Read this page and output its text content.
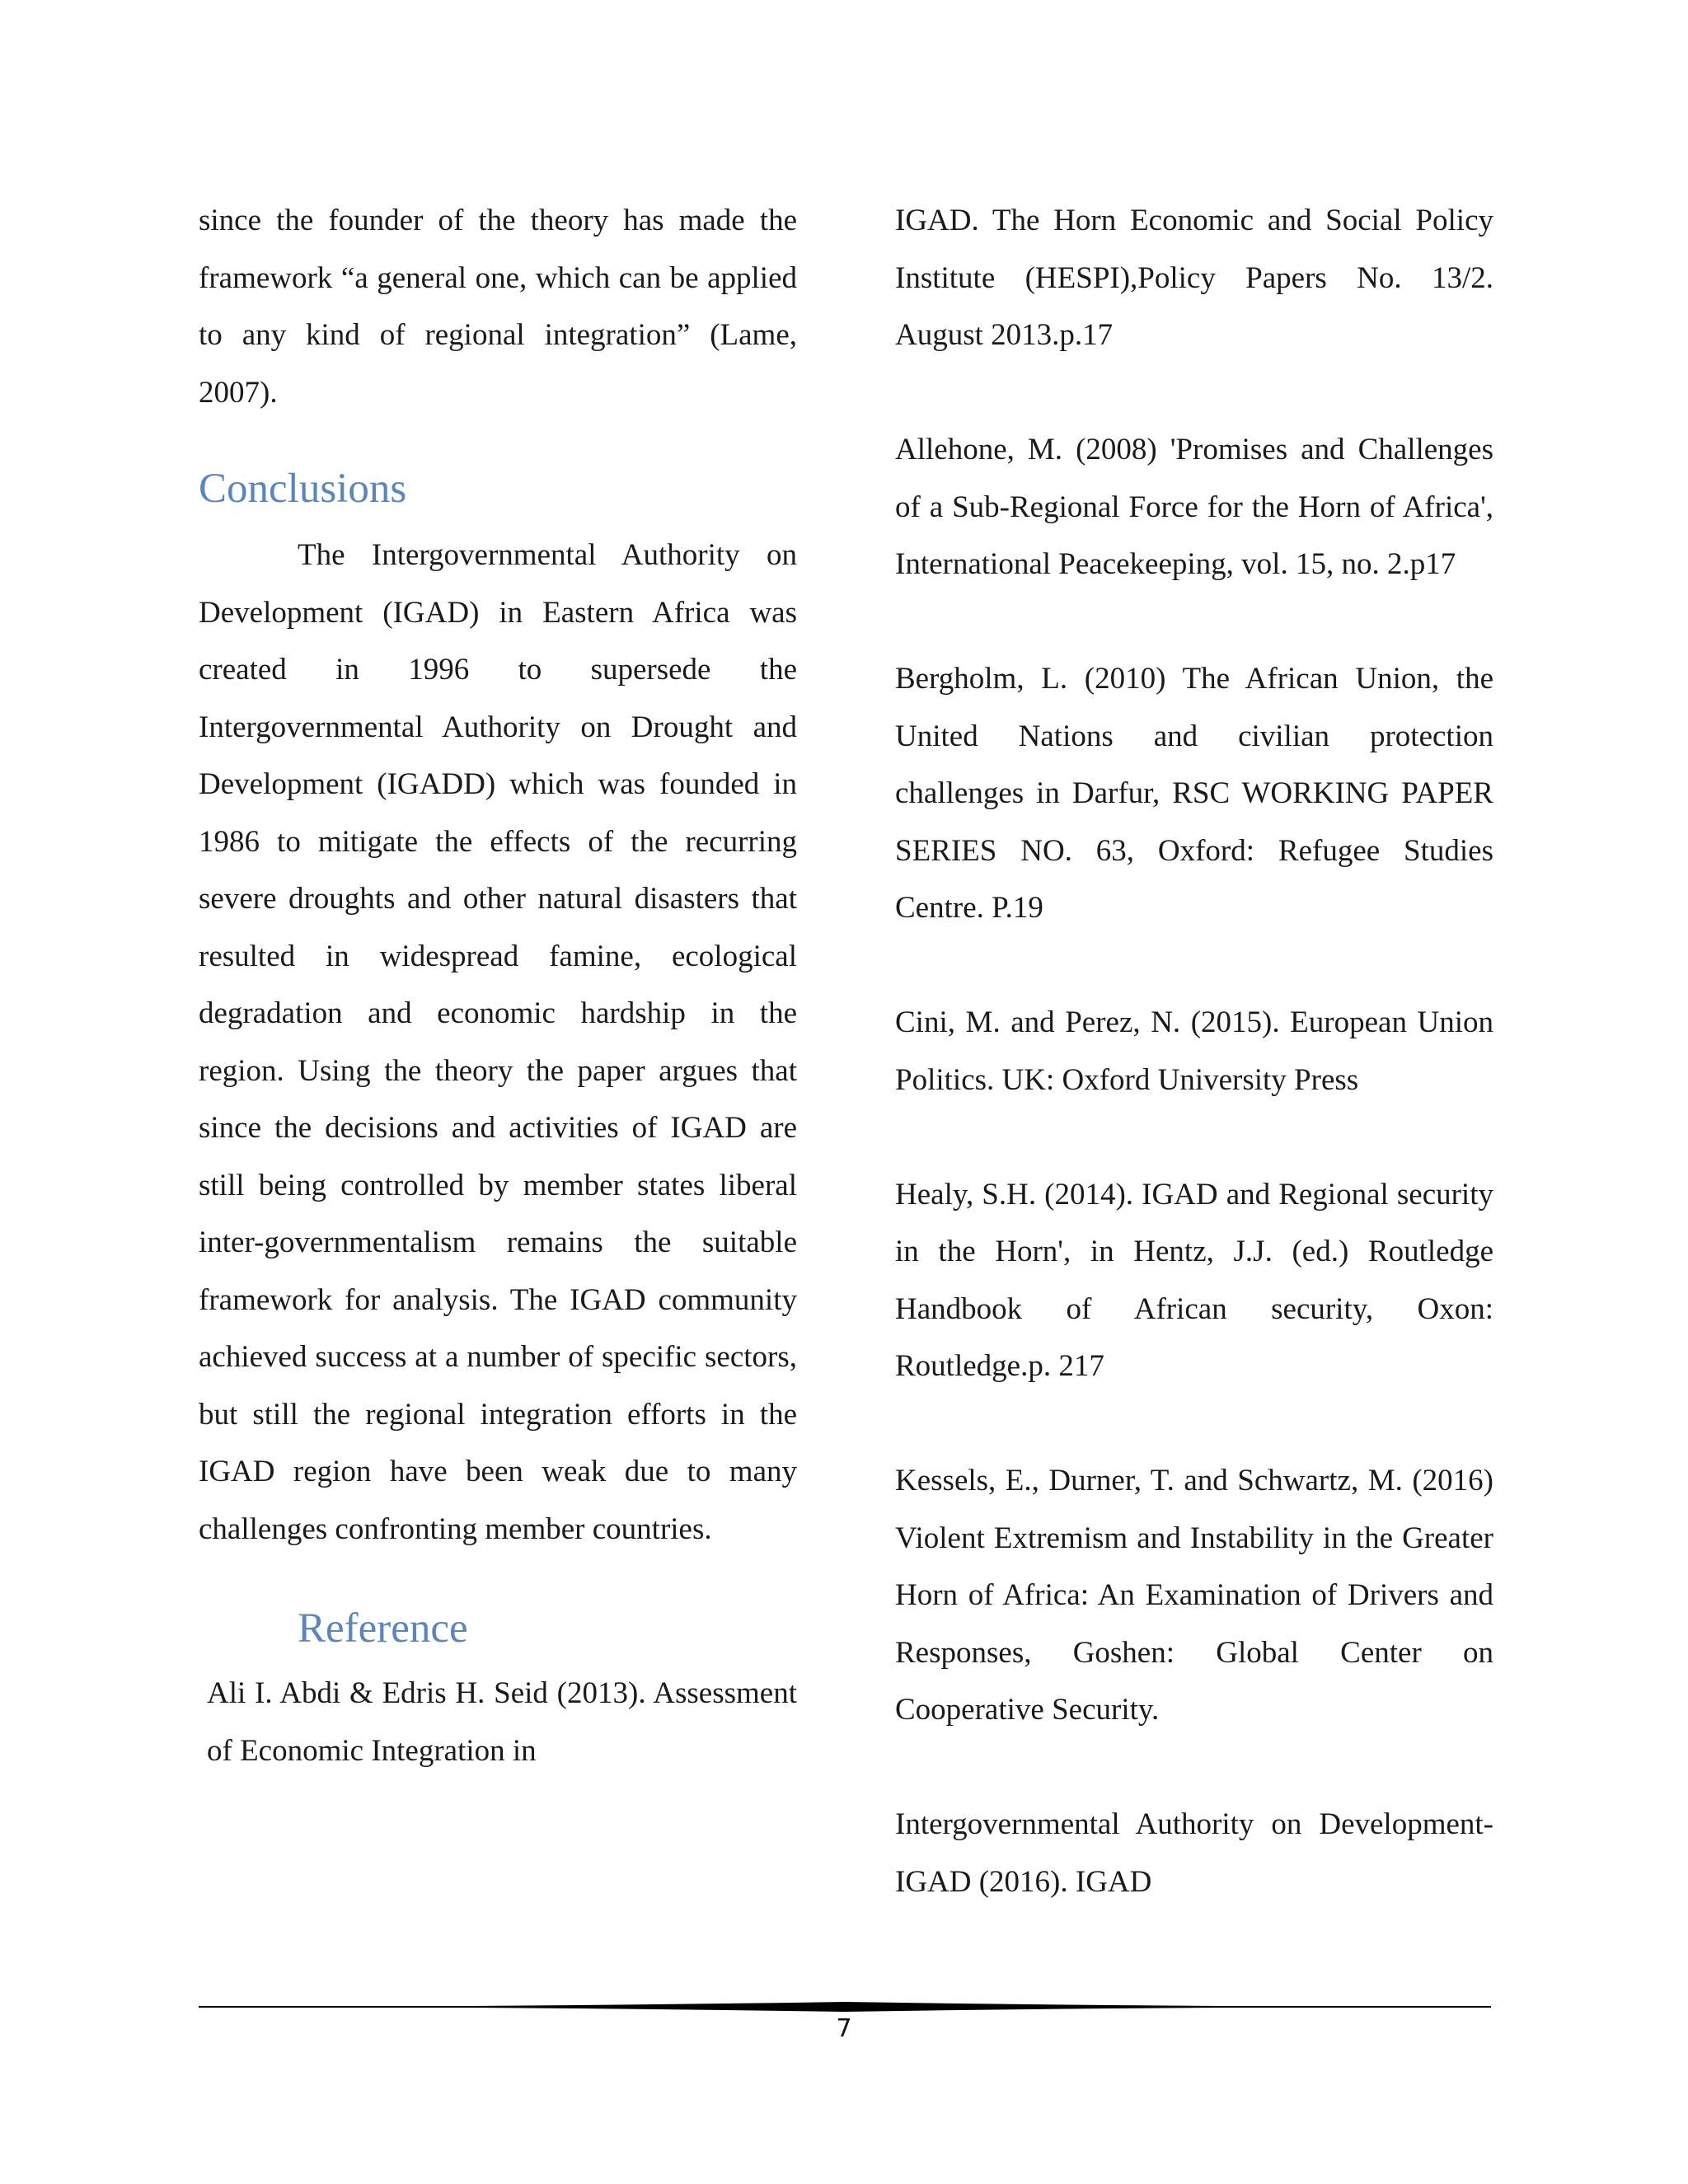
since the founder of the theory has made the framework “a general one, which can be applied to any kind of regional integration” (Lame, 2007).

Conclusions

The Intergovernmental Authority on Development (IGAD) in Eastern Africa was created in 1996 to supersede the Intergovernmental Authority on Drought and Development (IGADD) which was founded in 1986 to mitigate the effects of the recurring severe droughts and other natural disasters that resulted in widespread famine, ecological degradation and economic hardship in the region. Using the theory the paper argues that since the decisions and activities of IGAD are still being controlled by member states liberal inter-governmentalism remains the suitable framework for analysis. The IGAD community achieved success at a number of specific sectors, but still the regional integration efforts in the IGAD region have been weak due to many challenges confronting member countries.

Reference

Ali I. Abdi & Edris H. Seid (2013). Assessment of Economic Integration in

IGAD. The Horn Economic and Social Policy Institute (HESPI),Policy Papers No. 13/2. August 2013.p.17

Allehone, M. (2008) 'Promises and Challenges of a Sub-Regional Force for the Horn of Africa', International Peacekeeping, vol. 15, no. 2.p17

Bergholm, L. (2010) The African Union, the United Nations and civilian protection challenges in Darfur, RSC WORKING PAPER SERIES NO. 63, Oxford: Refugee Studies Centre. P.19

Cini, M. and Perez, N. (2015). European Union Politics. UK: Oxford University Press

Healy, S.H. (2014). IGAD and Regional security in the Horn', in Hentz, J.J. (ed.) Routledge Handbook of African security, Oxon: Routledge.p. 217

Kessels, E., Durner, T. and Schwartz, M. (2016) Violent Extremism and Instability in the Greater Horn of Africa: An Examination of Drivers and Responses, Goshen: Global Center on Cooperative Security.

Intergovernmental Authority on Development- IGAD (2016). IGAD

7
